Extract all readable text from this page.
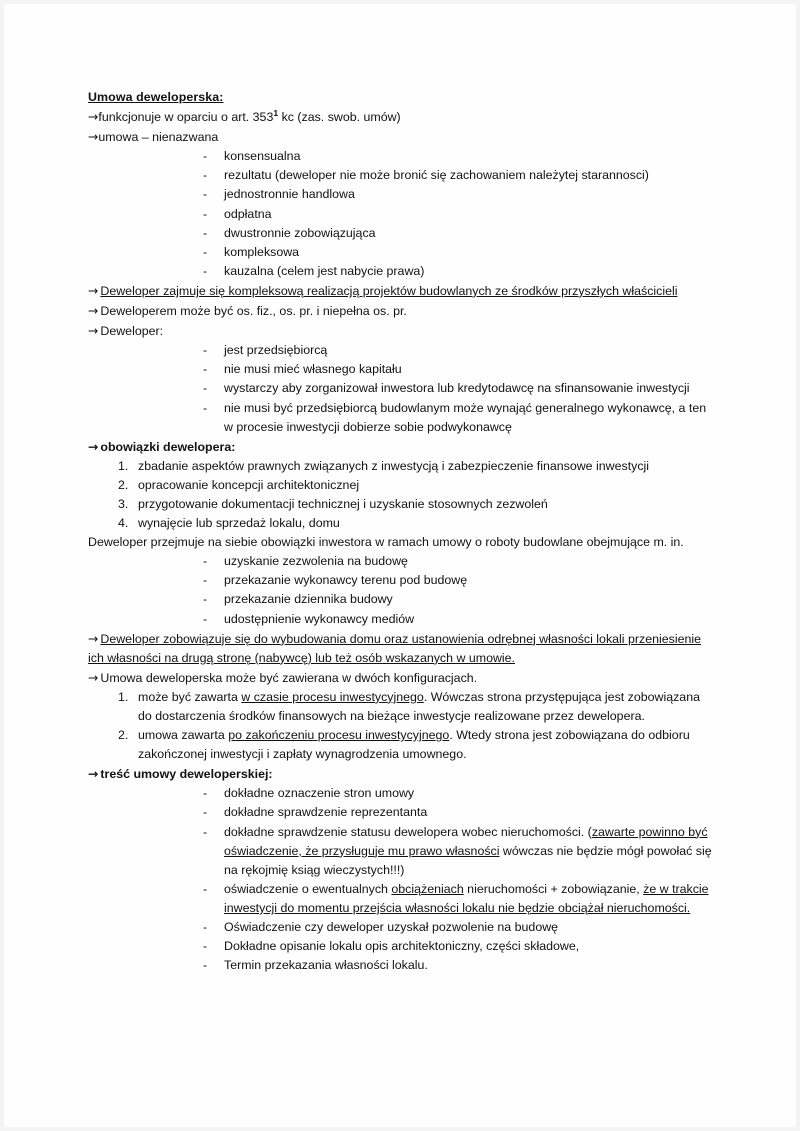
Umowa deweloperska:
→funkcjonuje w oparciu o art. $353^1$ kc (zas. swob. umów)
→umowa – nienazwana
- konsensualna
- rezultatu (deweloper nie może bronić się zachowaniem należytej starannosci)
- jednostronnie handlowa
- odpłatna
- dwustronnie zobowiązująca
- kompleksowa
- kauzalna (celem jest nabycie prawa)
→ Deweloper zajmuje się kompleksową realizacją projektów budowlanych ze środków przyszłych właścicieli
→ Deweloperem może być os. fiz., os. pr. i niepełna os. pr.
→ Deweloper:
- jest przedsiębiorcą
- nie musi mieć własnego kapitału
- wystarczy aby zorganizował inwestora lub kredytodawcę na sfinansowanie inwestycji
- nie musi być przedsiębiorcą budowlanym może wynająć generalnego wykonawcę, a ten w procesie inwestycji dobierze sobie podwykonawcę
→ obowiązki dewelopera:
1. zbadanie aspektów prawnych związanych z inwestycją i zabezpieczenie finansowe inwestycji
2. opracowanie koncepcji architektonicznej
3. przygotowanie dokumentacji technicznej i uzyskanie stosownych zezwoleń
4. wynajęcie lub sprzedaż lokalu, domu
Deweloper przejmuje na siebie obowiązki inwestora w ramach umowy o roboty budowlane obejmujące m. in.
- uzyskanie zezwolenia na budowę
- przekazanie wykonawcy terenu pod budowę
- przekazanie dziennika budowy
- udostępnienie wykonawcy mediów
→ Deweloper zobowiązuje się do wybudowania domu oraz ustanowienia odrębnej własności lokali przeniesienie ich własności na drugą stronę (nabywcę) lub też osób wskazanych w umowie.
→ Umowa deweloperska może być zawierana w dwóch konfiguracjach.
1. może być zawarta w czasie procesu inwestycyjnego. Wówczas strona przystępująca jest zobowiązana do dostarczenia środków finansowych na bieżące inwestycje realizowane przez dewelopera.
2. umowa zawarta po zakończeniu procesu inwestycyjnego. Wtedy strona jest zobowiązana do odbioru zakończonej inwestycji i zapłaty wynagrodzenia umownego.
→ treść umowy deweloperskiej:
- dokładne oznaczenie stron umowy
- dokładne sprawdzenie reprezentanta
- dokładne sprawdzenie statusu dewelopera wobec nieruchomości. (zawarte powinno być oświadczenie, że przysługuje mu prawo własności wówczas nie będzie mógł powołać się na rękojmię ksiąg wieczystych!!!)
- oświadczenie o ewentualnych obciążeniach nieruchomości + zobowiązanie, że w trakcie inwestycji do momentu przejścia własności lokalu nie będzie obciążał nieruchomości.
- Oświadczenie czy deweloper uzyskał pozwolenie na budowę
- Dokładne opisanie lokalu opis architektoniczny, części składowe,
- Termin przekazania własności lokalu.
